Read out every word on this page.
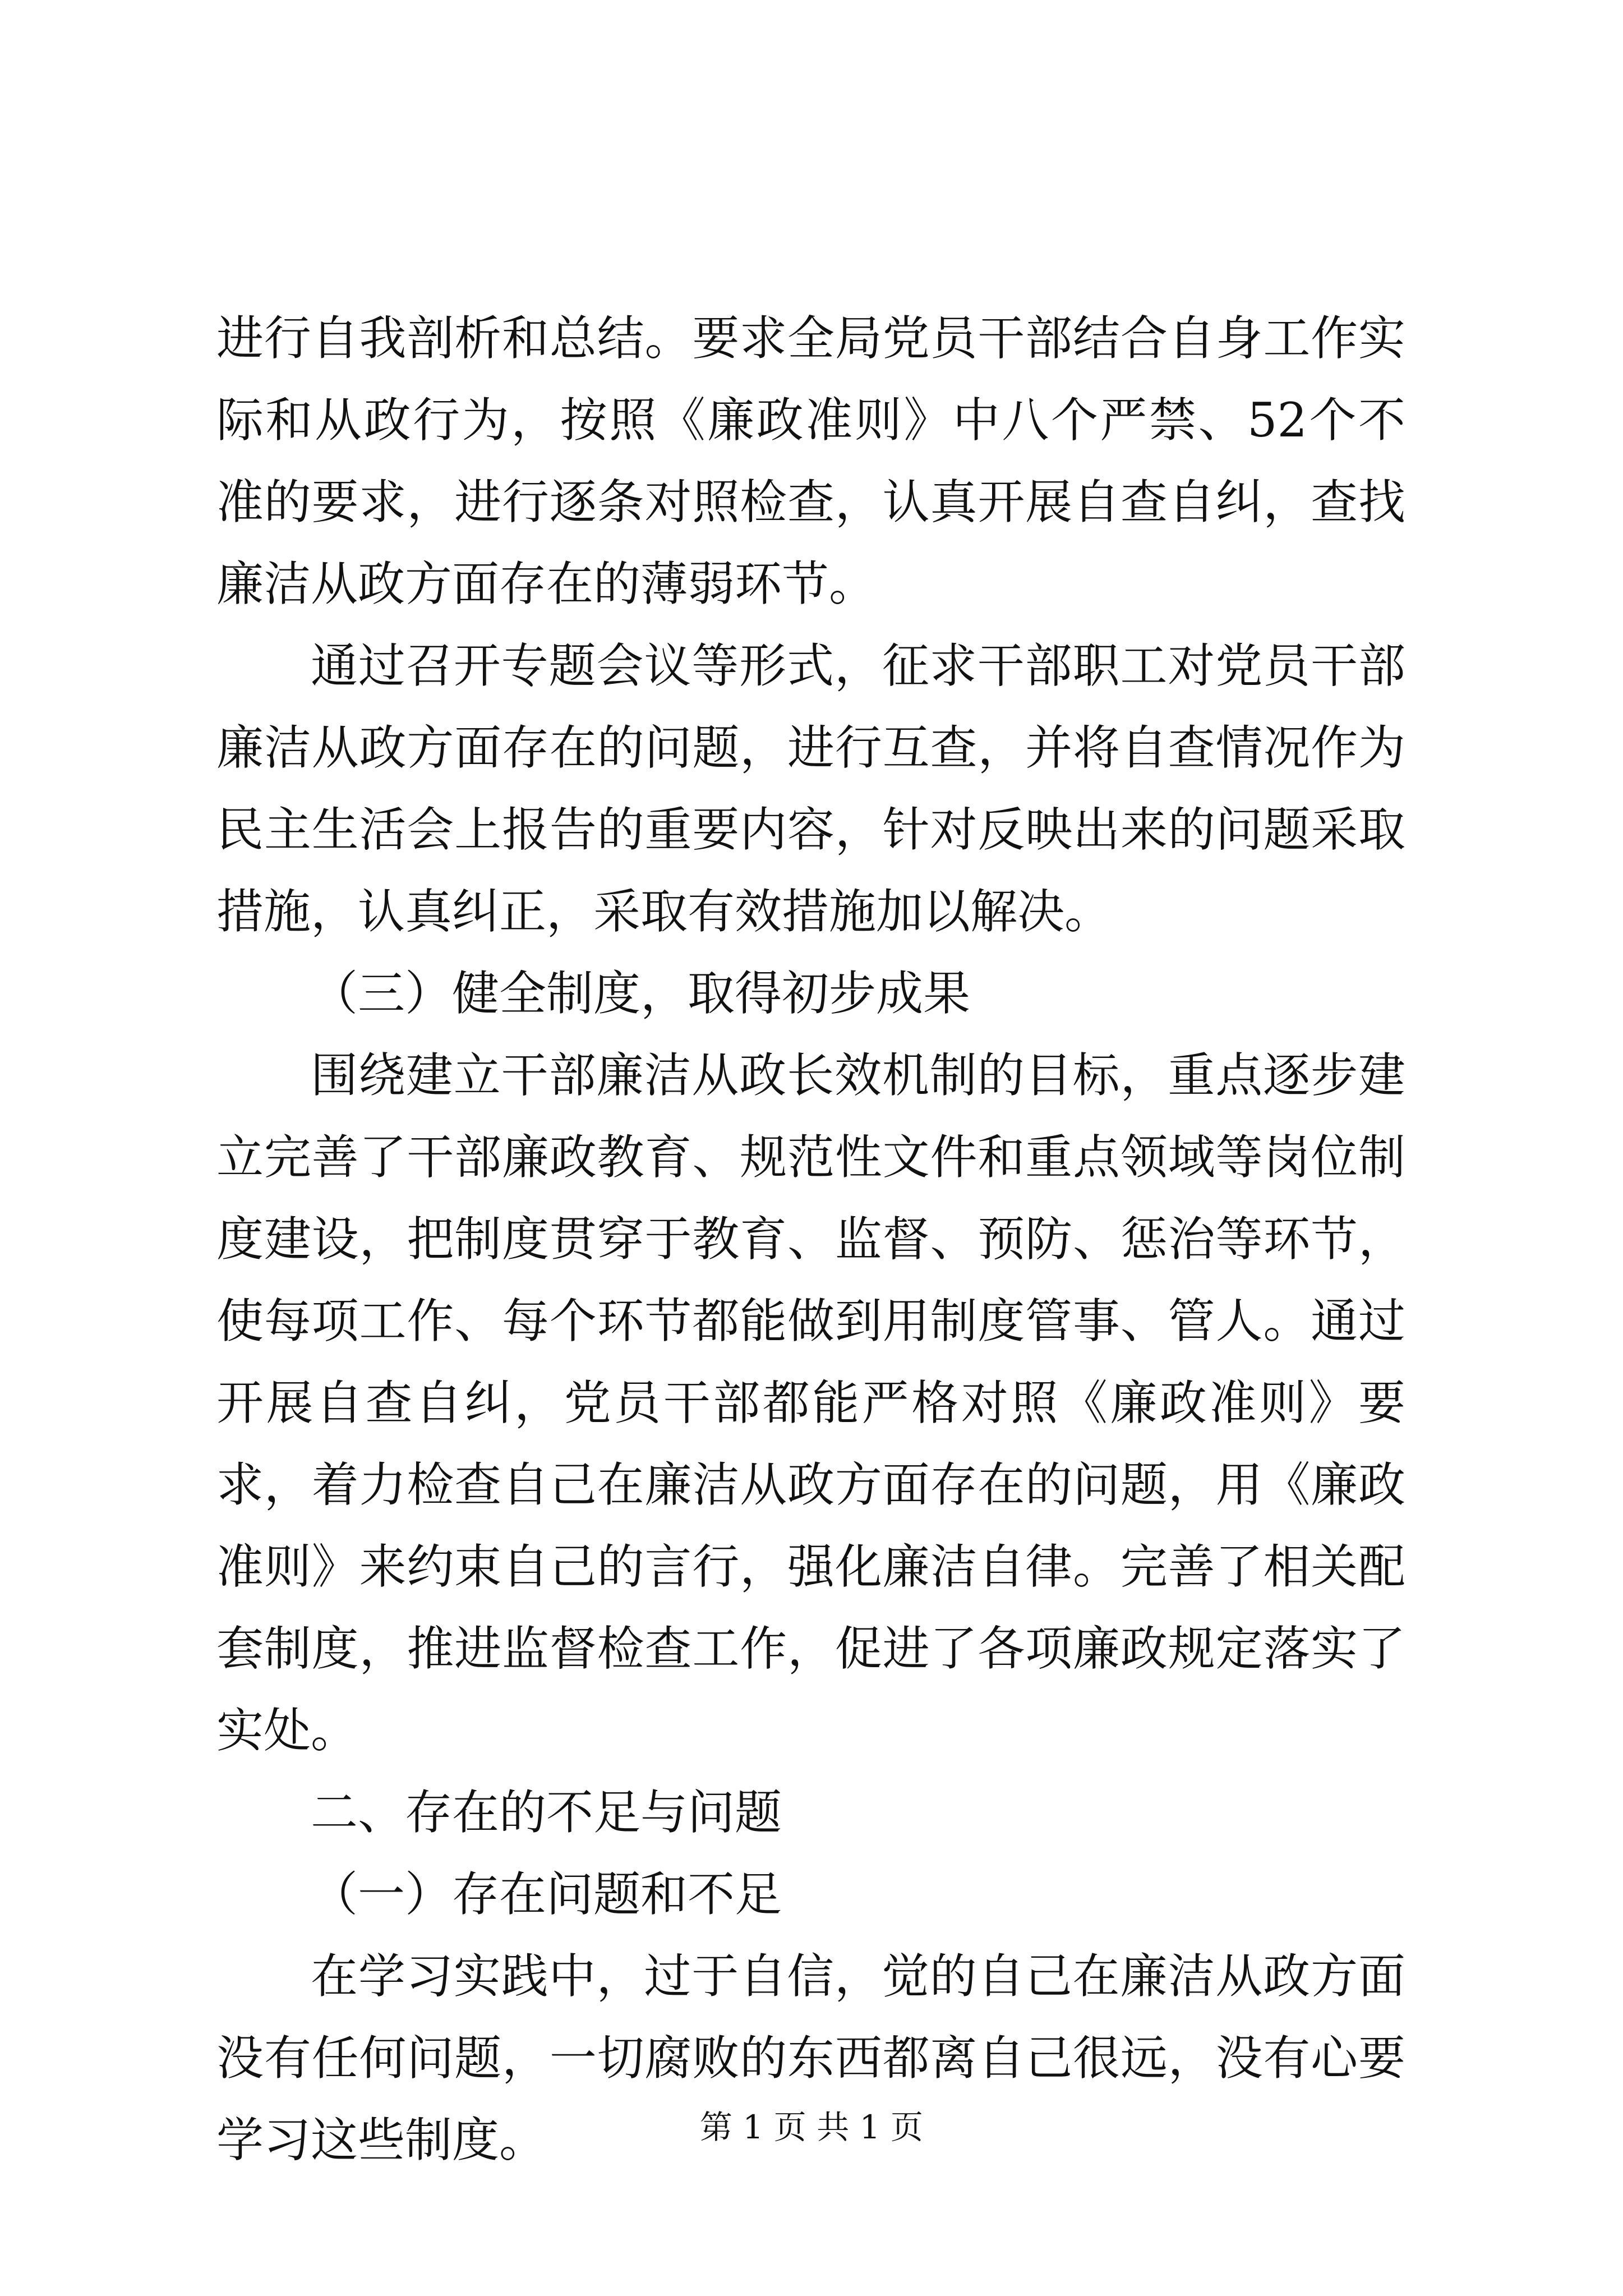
进行自我剖析和总结。要求全局党员干部结合自身工作实际和从政行为，按照《廉政准则》中八个严禁、52个不准的要求，进行逐条对照检查，认真开展自查自纠，查找廉洁从政方面存在的薄弱环节。

通过召开专题会议等形式，征求干部职工对党员干部廉洁从政方面存在的问题，进行互查，并将自查情况作为民主生活会上报告的重要内容，针对反映出来的问题采取措施，认真纠正，采取有效措施加以解决。

（三）健全制度，取得初步成果

围绕建立干部廉洁从政长效机制的目标，重点逐步建立完善了干部廉政教育、规范性文件和重点领域等岗位制度建设，把制度贯穿于教育、监督、预防、惩治等环节，使每项工作、每个环节都能做到用制度管事、管人。通过开展自查自纠，党员干部都能严格对照《廉政准则》要求，着力检查自己在廉洁从政方面存在的问题，用《廉政准则》来约束自己的言行，强化廉洁自律。完善了相关配套制度，推进监督检查工作，促进了各项廉政规定落实了实处。

二、存在的不足与问题

（一）存在问题和不足

在学习实践中，过于自信，觉的自己在廉洁从政方面没有任何问题，一切腐败的东西都离自己很远，没有心要学习这些制度。	第 1 页 共 1 页
